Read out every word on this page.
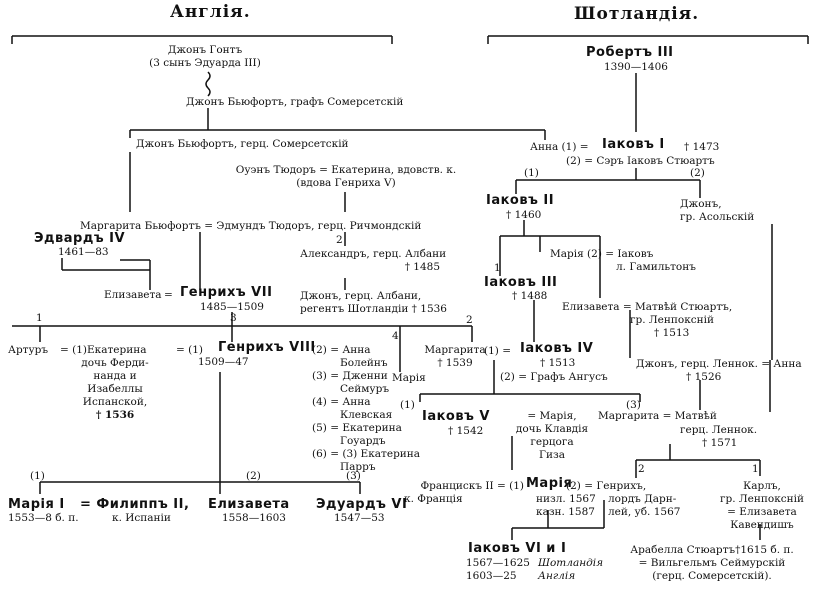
Англія.	Шотландія.
Джонъ Гонтъ
(3 сынъ Эдуарда III)
Джонъ Бьюфортъ, графъ Сомерсетскій
Джонъ Бьюфортъ, герц. Сомерсетскій
Оуэнъ Тюдоръ = Екатерина, вдовств. к.
(вдова Генриха V)
Маргарита Бьюфортъ = Эдмундъ Тюдоръ, герц. Ричмондскій
Эдвардъ IV
1461—83
Елизавета = Генрихъ VII
1485—1509
Александръ, герц. Албани
† 1485
Джонъ, герц. Албани,
регентъ Шотландіи † 1536
Артуръ = (1)Екатерина
дочь Ферди-
нанда и
Изабеллы
Испанской,
† 1536
= (1) Генрихъ VIII
1509—47
(2) = Анна
Болейнъ
(3) = Дженни
Сеймуръ
(4) = Анна
Клевская
(5) = Екатерина
Гоуардъ
(6) = (3) Екатерина
Парръ
Марія
Маргарита
† 1539
Марія I
1553—8 б. п.
= Филиппъ II,
к. Испаніи
Елизавета
1558—1603
Эдуардъ VI
1547—53
Робертъ III
1390—1406
Анна (1) = Іаковъ I † 1473
(2) = Сэръ Іаковъ Стюартъ
Іаковъ II
† 1460
Джонъ,
гр. Асольскій
Марія (2) = Іаковъ
л. Гамильтонъ
Іаковъ III
† 1488
Елизавета = Матвѣй Стюартъ,
гр. Ленпоксній
† 1513
(1) = Іаковъ IV
† 1513
(2) = Графъ Ангусъ
Джонъ, герц. Леннок. = Анна
† 1526
Іаковъ V
† 1542
= Марія,
дочь Клавдія
герцога
Гиза
Маргарита = Матвѣй
герц. Леннок.
† 1571
Францискъ II = (1)
к. Франція
Марія
(2) = Генрихъ,
низл. 1567
казн. 1587
лордъ Дарн-
лей, уб. 1567
Карлъ,
гр. Ленпоксній
= Елизавета
Кавендишъ
Іаковъ VI и I
1567—1625
1603—25
Шотландія
Англія
Арабелла Стюартъ†1615 б. п.
= Вильгельмъ Сеймурскій
(герц. Сомерсетскій).
(1)	(2)
2
1
1	3
4
2
(1)	(3)
(1)	(2)	(3)
2	1
